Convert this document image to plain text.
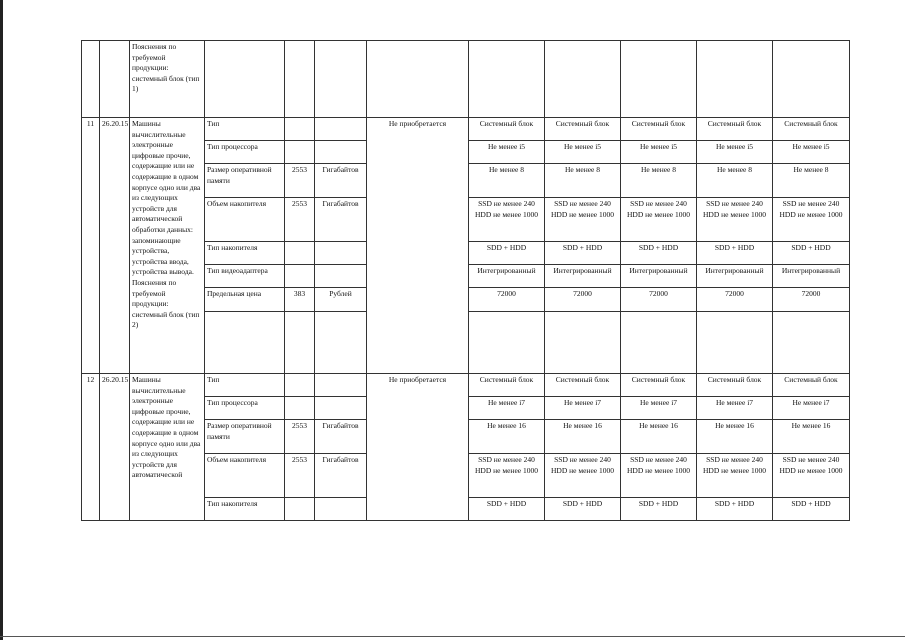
		Пояснения по требуемой продукции: системный блок (тип 1)									
11	26.20.15	Машины вычислительные электронные цифровые прочие, содержащие или не содержащие в одном корпусе одно или два из следующих устройств для автоматической обработки данных: запоминающие устройства, устройства ввода, устройства вывода. Пояснения по требуемой продукции: системный блок (тип 2)	Тип			Не приобретается	Системный блок	Системный блок	Системный блок	Системный блок	Системный блок
			Тип процессора				Не менее i5	Не менее i5	Не менее i5	Не менее i5	Не менее i5
			Размер оперативной памяти	2553	Гигабайтов		Не менее 8	Не менее 8	Не менее 8	Не менее 8	Не менее 8
			Объем накопителя	2553	Гигабайтов		SSD не менее 240 HDD не менее 1000	SSD не менее 240 HDD не менее 1000	SSD не менее 240 HDD не менее 1000	SSD не менее 240 HDD не менее 1000	SSD не менее 240 HDD не менее 1000
			Тип накопителя				SDD + HDD	SDD + HDD	SDD + HDD	SDD + HDD	SDD + HDD
			Тип видеоадаптера				Интегрированный	Интегрированный	Интегрированный	Интегрированный	Интегрированный
			Предельная цена	383	Рублей		72000	72000	72000	72000	72000

12	26.20.15	Машины вычислительные электронные цифровые прочие, содержащие или не содержащие в одном корпусе одно или два из следующих устройств для автоматической	Тип			Не приобретается	Системный блок	Системный блок	Системный блок	Системный блок	Системный блок
			Тип процессора				Не менее i7	Не менее i7	Не менее i7	Не менее i7	Не менее i7
			Размер оперативной памяти	2553	Гигабайтов		Не менее 16	Не менее 16	Не менее 16	Не менее 16	Не менее 16
			Объем накопителя	2553	Гигабайтов		SSD не менее 240 HDD не менее 1000	SSD не менее 240 HDD не менее 1000	SSD не менее 240 HDD не менее 1000	SSD не менее 240 HDD не менее 1000	SSD не менее 240 HDD не менее 1000
			Тип накопителя				SDD + HDD	SDD + HDD	SDD + HDD	SDD + HDD	SDD + HDD
